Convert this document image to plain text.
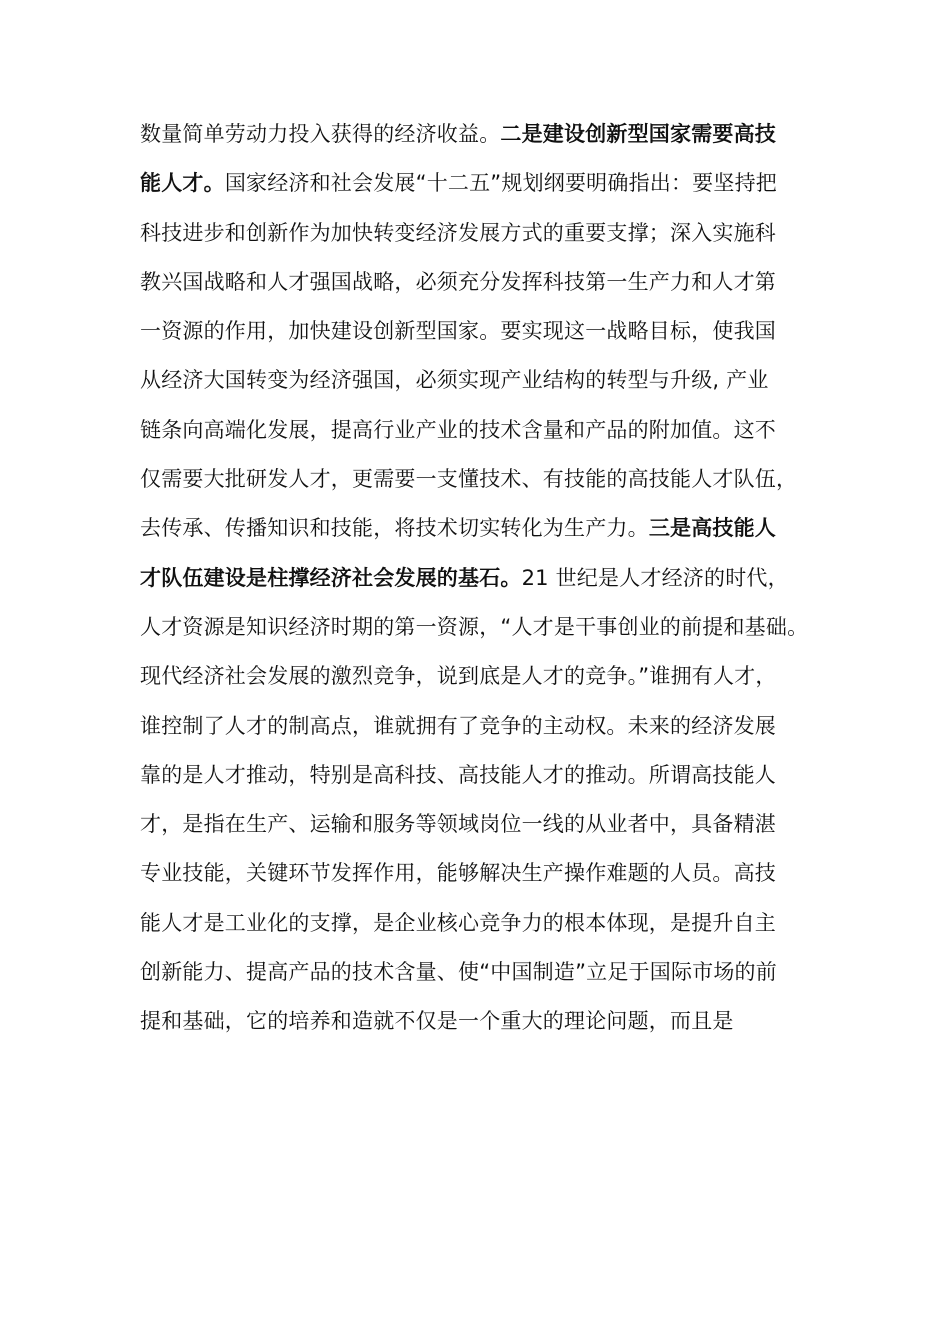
数量简单劳动力投入获得的经济收益。二是建设创新型国家需要高技
能人才。国家经济和社会发展“十二五”规划纲要明确指出：要坚持把
科技进步和创新作为加快转变经济发展方式的重要支撑；深入实施科
教兴国战略和人才强国战略，必须充分发挥科技第一生产力和人才第
一资源的作用，加快建设创新型国家。要实现这一战略目标，使我国
从经济大国转变为经济强国，必须实现产业结构的转型与升级, 产业
链条向高端化发展，提高行业产业的技术含量和产品的附加值。这不
仅需要大批研发人才，更需要一支懂技术、有技能的高技能人才队伍，
去传承、传播知识和技能，将技术切实转化为生产力。三是高技能人
才队伍建设是柱撑经济社会发展的基石。21 世纪是人才经济的时代，
人才资源是知识经济时期的第一资源，“人才是干事创业的前提和基础。
现代经济社会发展的激烈竞争，说到底是人才的竞争。”谁拥有人才，
谁控制了人才的制高点，谁就拥有了竞争的主动权。未来的经济发展
靠的是人才推动，特别是高科技、高技能人才的推动。所谓高技能人
才，是指在生产、运输和服务等领域岗位一线的从业者中，具备精湛
专业技能，关键环节发挥作用，能够解决生产操作难题的人员。高技
能人才是工业化的支撑，是企业核心竞争力的根本体现，是提升自主
创新能力、提高产品的技术含量、使“中国制造”立足于国际市场的前
提和基础，它的培养和造就不仅是一个重大的理论问题，而且是
